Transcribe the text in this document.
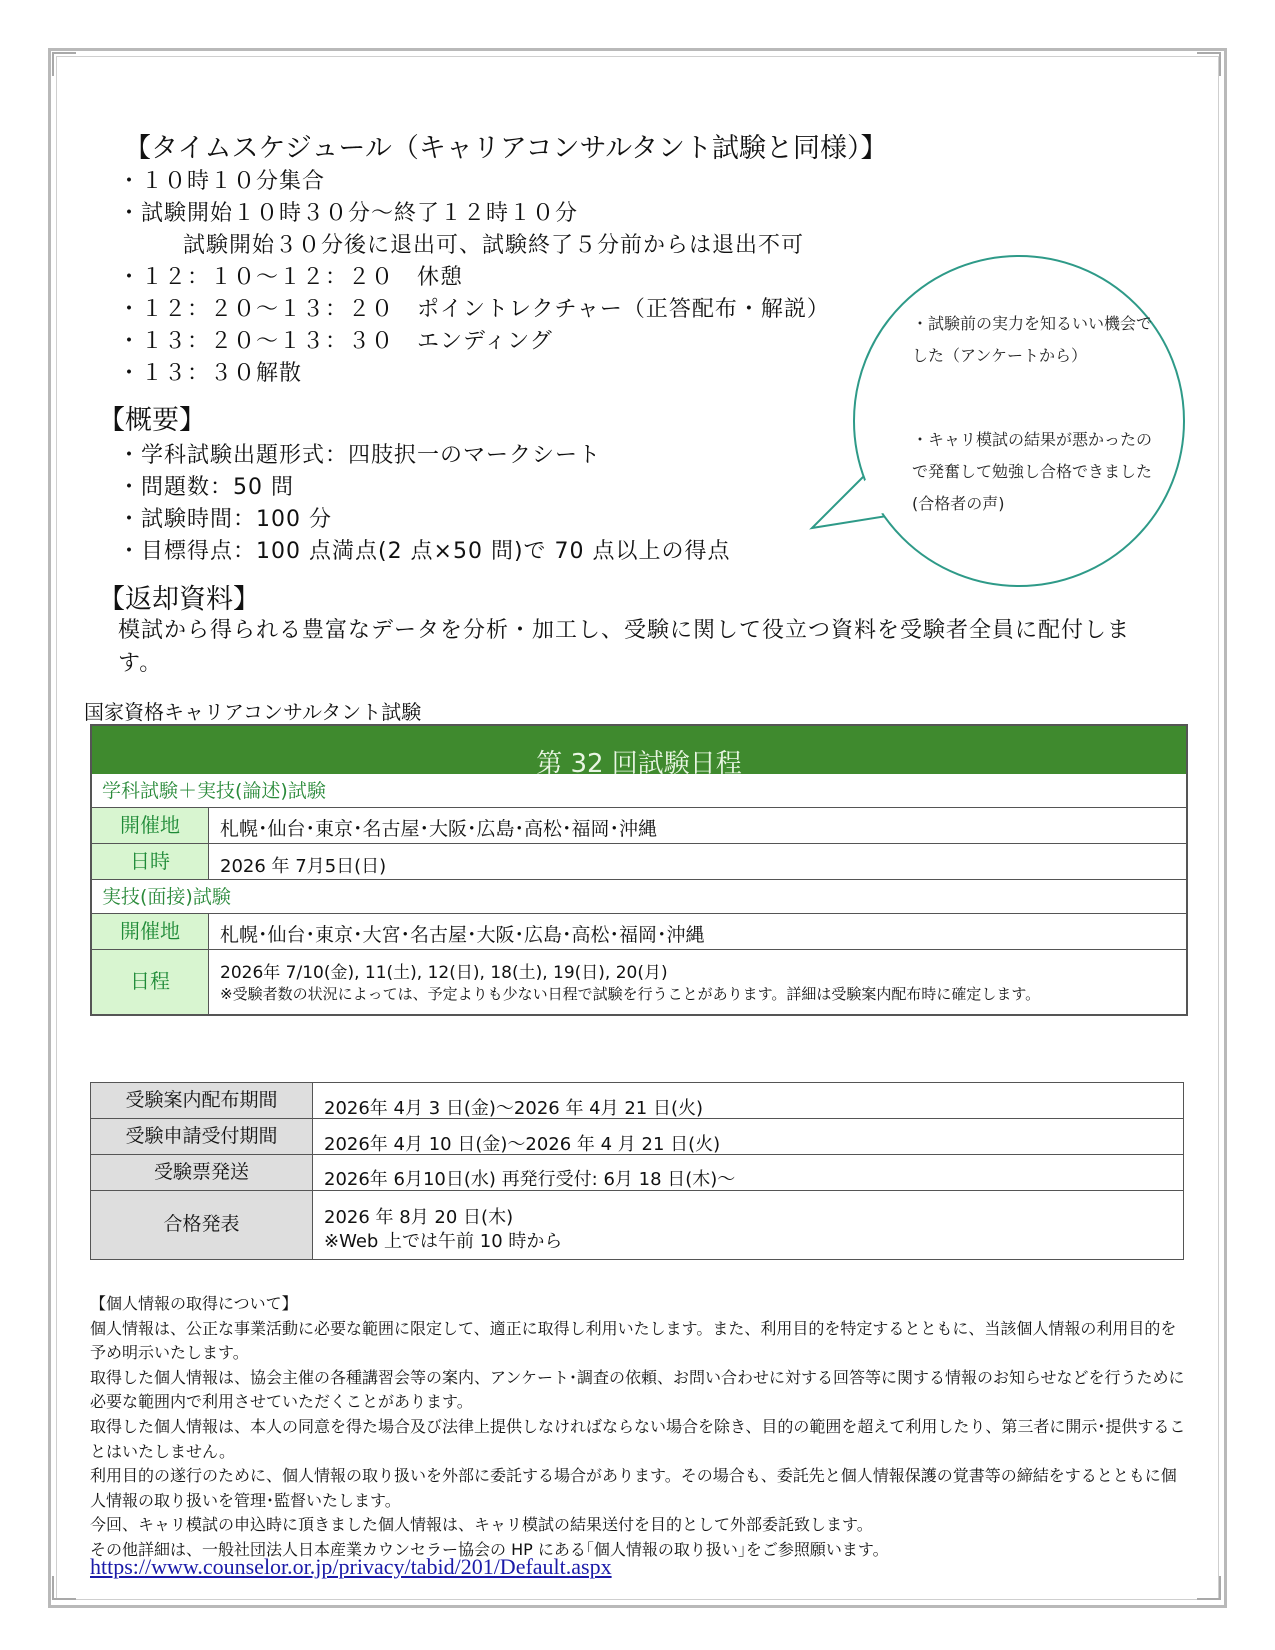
【タイムスケジュール（キャリアコンサルタント試験と同様）】
・１０時１０分集合
・試験開始１０時３０分～終了１２時１０分
試験開始３０分後に退出可、試験終了５分前からは退出不可
・１２：１０～１２：２０　休憩
・１２：２０～１３：２０　ポイントレクチャー（正答配布・解説）
・１３：２０～１３：３０　エンディング
・１３：３０解散
・試験前の実力を知るいい機会でした（アンケートから）
・キャリ模試の結果が悪かったので発奮して勉強し合格できました(合格者の声)
【概要】
・学科試験出題形式：四肢択一のマークシート
・問題数：50 問
・試験時間：100 分
・目標得点：100 点満点(2 点×50 問)で 70 点以上の得点
【返却資料】
模試から得られる豊富なデータを分析・加工し、受験に関して役立つ資料を受験者全員に配付します。
国家資格キャリアコンサルタント試験
第 32 回試験日程
学科試験＋実技(論述)試験
開催地	札幌･仙台･東京･名古屋･大阪･広島･高松･福岡･沖縄
日時	2026 年 7月5日(日)
実技(面接)試験
開催地	札幌･仙台･東京･大宮･名古屋･大阪･広島･高松･福岡･沖縄
日程	2026年 7/10(金), 11(土), 12(日), 18(土), 19(日), 20(月)
※受験者数の状況によっては、予定よりも少ない日程で試験を行うことがあります。詳細は受験案内配布時に確定します。
受験案内配布期間	2026年 4月 3 日(金)～2026 年 4月 21 日(火)
受験申請受付期間	2026年 4月 10 日(金)～2026 年 4 月 21 日(火)
受験票発送	2026年 6月10日(水) 再発行受付: 6月 18 日(木)～
合格発表	2026 年 8月 20 日(木)
※Web 上では午前 10 時から

【個人情報の取得について】

個人情報は、公正な事業活動に必要な範囲に限定して、適正に取得し利用いたします。また、利用目的を特定するとともに、当該個人情報の利用目的を予め明示いたします。

取得した個人情報は、協会主催の各種講習会等の案内、アンケート･調査の依頼、お問い合わせに対する回答等に関する情報のお知らせなどを行うために必要な範囲内で利用させていただくことがあります。

取得した個人情報は、本人の同意を得た場合及び法律上提供しなければならない場合を除き、目的の範囲を超えて利用したり、第三者に開示･提供することはいたしません。

利用目的の遂行のために、個人情報の取り扱いを外部に委託する場合があります。その場合も、委託先と個人情報保護の覚書等の締結をするとともに個人情報の取り扱いを管理･監督いたします。

今回、キャリ模試の申込時に頂きました個人情報は、キャリ模試の結果送付を目的として外部委託致します。

その他詳細は、一般社団法人日本産業カウンセラー協会の HP にある｢個人情報の取り扱い｣をご参照願います。

https://www.counselor.or.jp/privacy/tabid/201/Default.aspx
